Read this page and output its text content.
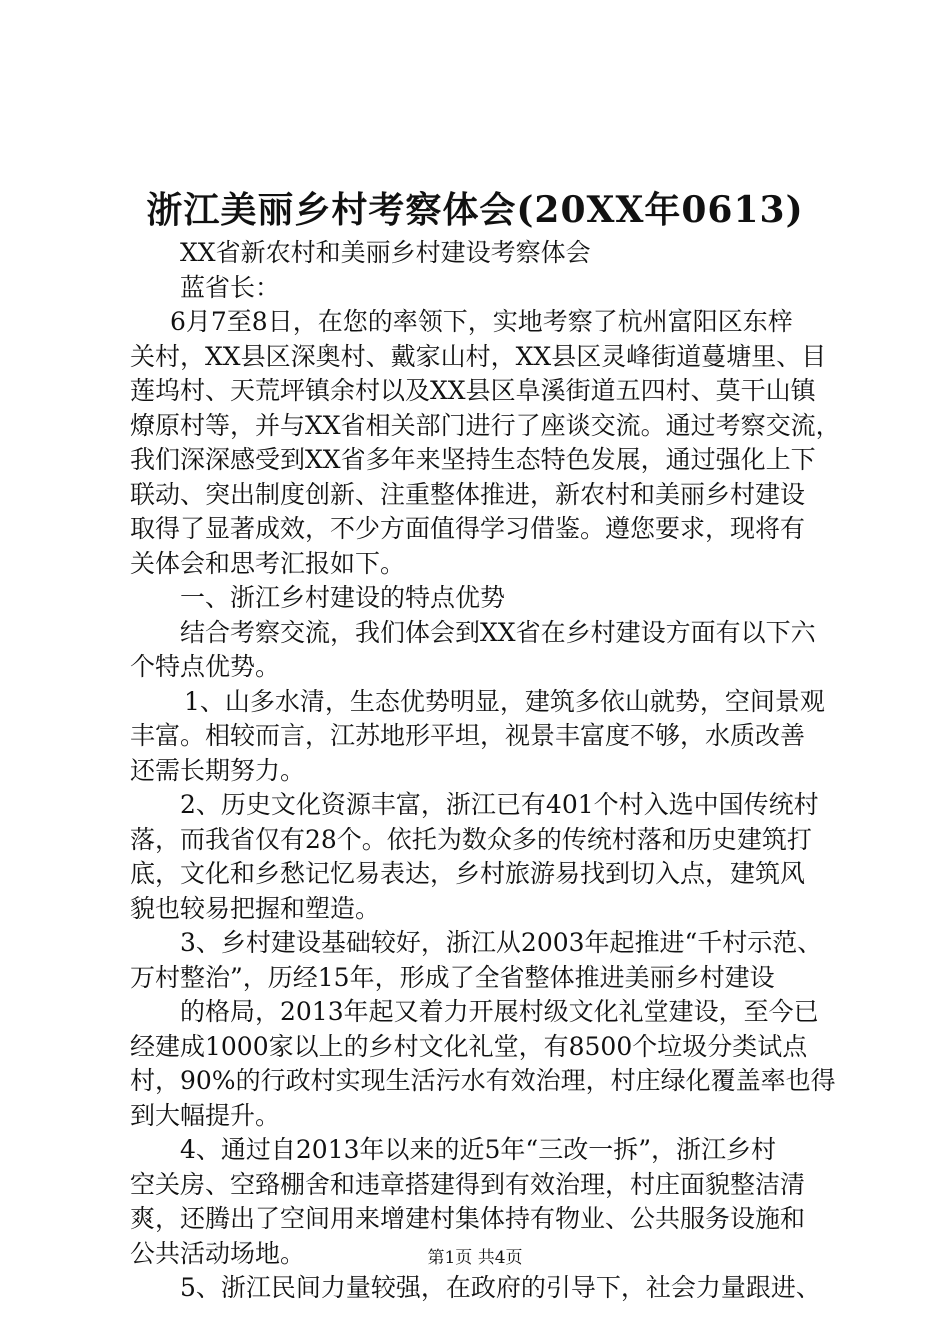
浙江美丽乡村考察体会(20XX年0613)
XX省新农村和美丽乡村建设考察体会
蓝省长：
6月7至8日，在您的率领下，实地考察了杭州富阳区东梓
关村，XX县区深奥村、戴家山村，XX县区灵峰街道蔓塘里、目
莲坞村、天荒坪镇余村以及XX县区阜溪街道五四村、莫干山镇
燎原村等，并与XX省相关部门进行了座谈交流。通过考察交流，
我们深深感受到XX省多年来坚持生态特色发展，通过强化上下
联动、突出制度创新、注重整体推进，新农村和美丽乡村建设
取得了显著成效，不少方面值得学习借鉴。遵您要求，现将有
关体会和思考汇报如下。
一、浙江乡村建设的特点优势
结合考察交流，我们体会到XX省在乡村建设方面有以下六
个特点优势。
1、山多水清，生态优势明显，建筑多依山就势，空间景观
丰富。相较而言，江苏地形平坦，视景丰富度不够，水质改善
还需长期努力。
2、历史文化资源丰富，浙江已有401个村入选中国传统村
落，而我省仅有28个。依托为数众多的传统村落和历史建筑打
底，文化和乡愁记忆易表达，乡村旅游易找到切入点，建筑风
貌也较易把握和塑造。
3、乡村建设基础较好，浙江从2003年起推进“千村示范、
万村整治”，历经15年，形成了全省整体推进美丽乡村建设
的格局，2013年起又着力开展村级文化礼堂建设，至今已
经建成1000家以上的乡村文化礼堂，有8500个垃圾分类试点
村，90%的行政村实现生活污水有效治理，村庄绿化覆盖率也得
到大幅提升。
4、通过自2013年以来的近5年“三改一拆”，浙江乡村
空关房、空臵棚舍和违章搭建得到有效治理，村庄面貌整洁清
爽，还腾出了空间用来增建村集体持有物业、公共服务设施和
公共活动场地。
5、浙江民间力量较强，在政府的引导下，社会力量跟进、
第1页 共4页
